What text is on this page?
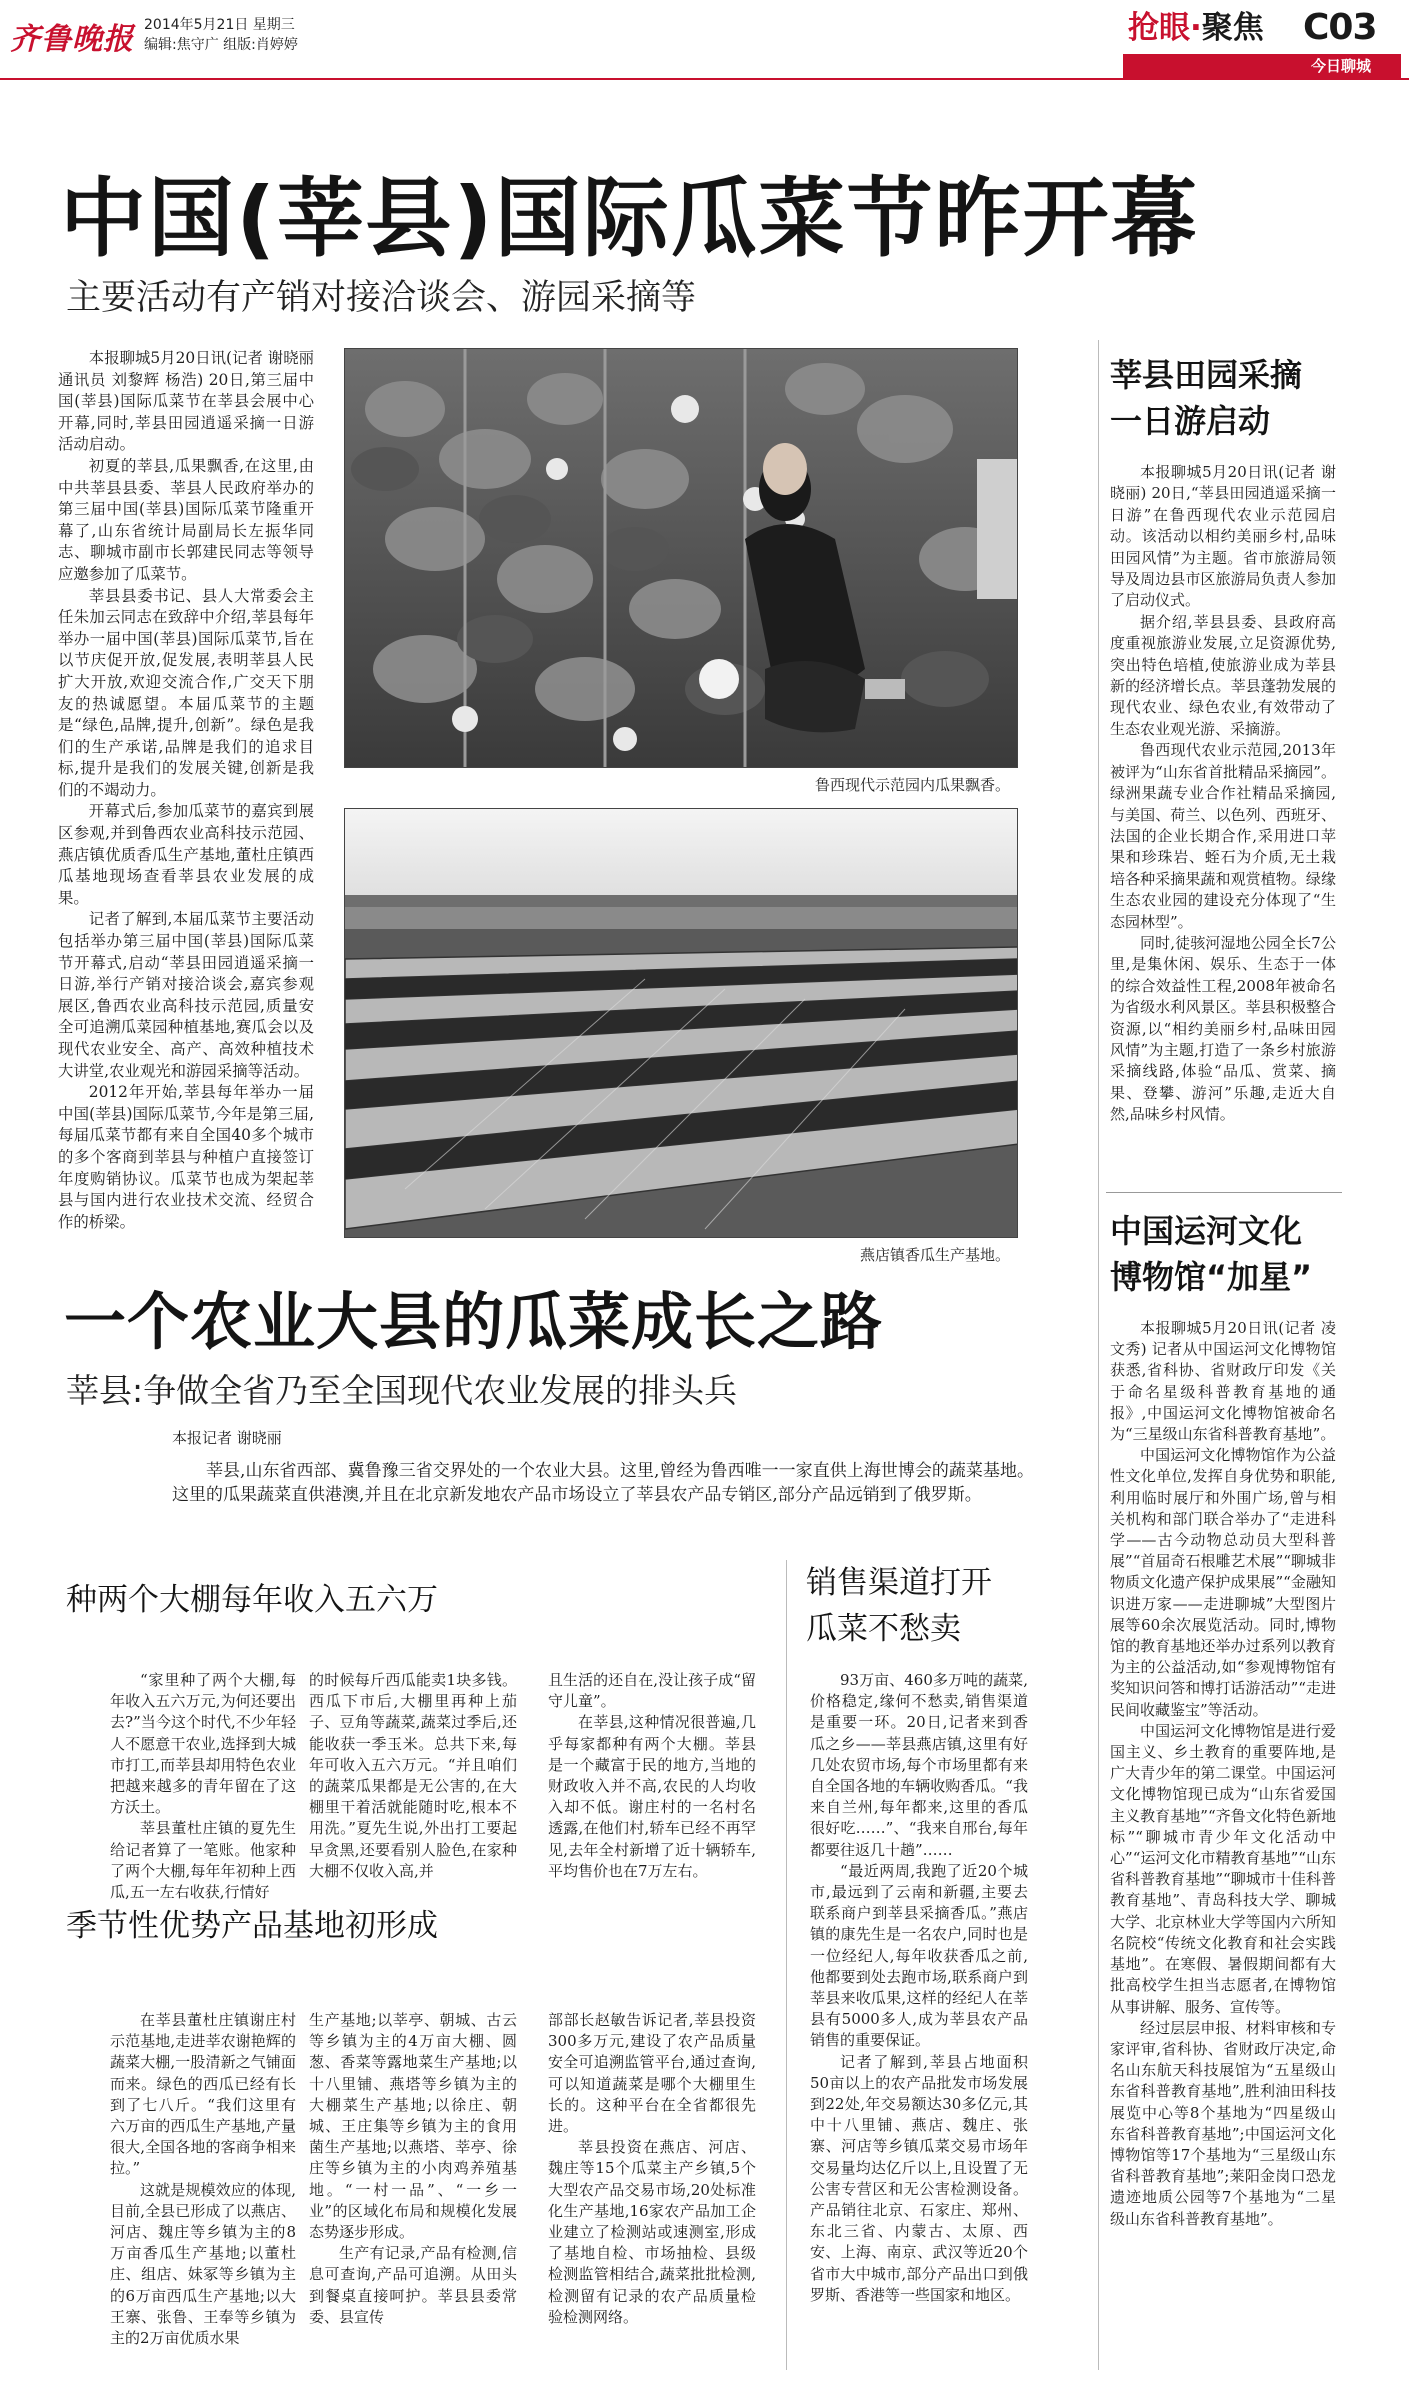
齐鲁晚报 2014年5月21日 星期三
编辑:焦守广 组版:肖婷婷	抢眼·聚焦 C03
今日聊城
中国(莘县)国际瓜菜节昨开幕
主要活动有产销对接洽谈会、游园采摘等

本报聊城5月20日讯(记者 谢晓丽 通讯员 刘黎辉 杨浩) 20日,第三届中国(莘县)国际瓜菜节在莘县会展中心开幕,同时,莘县田园逍遥采摘一日游活动启动。

初夏的莘县,瓜果飘香,在这里,由中共莘县县委、莘县人民政府举办的第三届中国(莘县)国际瓜菜节隆重开幕了,山东省统计局副局长左振华同志、聊城市副市长郭建民同志等领导应邀参加了瓜菜节。

莘县县委书记、县人大常委会主任朱加云同志在致辞中介绍,莘县每年举办一届中国(莘县)国际瓜菜节,旨在以节庆促开放,促发展,表明莘县人民扩大开放,欢迎交流合作,广交天下朋友的热诚愿望。本届瓜菜节的主题是“绿色,品牌,提升,创新”。绿色是我们的生产承诺,品牌是我们的追求目标,提升是我们的发展关键,创新是我们的不竭动力。

开幕式后,参加瓜菜节的嘉宾到展区参观,并到鲁西农业高科技示范园、燕店镇优质香瓜生产基地,董杜庄镇西瓜基地现场查看莘县农业发展的成果。

记者了解到,本届瓜菜节主要活动包括举办第三届中国(莘县)国际瓜菜节开幕式,启动“莘县田园逍遥采摘一日游,举行产销对接洽谈会,嘉宾参观展区,鲁西农业高科技示范园,质量安全可追溯瓜菜园种植基地,赛瓜会以及现代农业安全、高产、高效种植技术大讲堂,农业观光和游园采摘等活动。

2012年开始,莘县每年举办一届中国(莘县)国际瓜菜节,今年是第三届,每届瓜菜节都有来自全国40多个城市的多个客商到莘县与种植户直接签订年度购销协议。瓜菜节也成为架起莘县与国内进行农业技术交流、经贸合作的桥梁。

鲁西现代示范园内瓜果飘香。
燕店镇香瓜生产基地。
一个农业大县的瓜菜成长之路
莘县:争做全省乃至全国现代农业发展的排头兵
本报记者 谢晓丽

莘县,山东省西部、冀鲁豫三省交界处的一个农业大县。这里,曾经为鲁西唯一一家直供上海世博会的蔬菜基地。这里的瓜果蔬菜直供港澳,并且在北京新发地农产品市场设立了莘县农产品专销区,部分产品远销到了俄罗斯。

种两个大棚每年收入五六万

“家里种了两个大棚,每年收入五六万元,为何还要出去?”当今这个时代,不少年轻人不愿意干农业,选择到大城市打工,而莘县却用特色农业把越来越多的青年留在了这方沃土。

莘县董杜庄镇的夏先生给记者算了一笔账。他家种了两个大棚,每年年初种上西瓜,五一左右收获,行情好

的时候每斤西瓜能卖1块多钱。西瓜下市后,大棚里再种上茄子、豆角等蔬菜,蔬菜过季后,还能收获一季玉米。总共下来,每年可收入五六万元。“并且咱们的蔬菜瓜果都是无公害的,在大棚里干着活就能随时吃,根本不用洗。”夏先生说,外出打工要起早贪黑,还要看别人脸色,在家种大棚不仅收入高,并

且生活的还自在,没让孩子成“留守儿童”。

在莘县,这种情况很普遍,几乎每家都种有两个大棚。莘县是一个藏富于民的地方,当地的财政收入并不高,农民的人均收入却不低。谢庄村的一名村名透露,在他们村,轿车已经不再罕见,去年全村新增了近十辆轿车,平均售价也在7万左右。

季节性优势产品基地初形成

在莘县董杜庄镇谢庄村示范基地,走进莘农谢艳辉的蔬菜大棚,一股清新之气铺面而来。绿色的西瓜已经有长到了七八斤。“我们这里有六万亩的西瓜生产基地,产量很大,全国各地的客商争相来拉。”

这就是规模效应的体现,目前,全县已形成了以燕店、河店、魏庄等乡镇为主的8万亩香瓜生产基地;以董杜庄、组店、妹冢等乡镇为主的6万亩西瓜生产基地;以大王寨、张鲁、王奉等乡镇为主的2万亩优质水果

生产基地;以莘亭、朝城、古云等乡镇为主的4万亩大棚、圆葱、香菜等露地菜生产基地;以十八里铺、燕塔等乡镇为主的大棚菜生产基地;以徐庄、朝城、王庄集等乡镇为主的食用菌生产基地;以燕塔、莘亭、徐庄等乡镇为主的小肉鸡养殖基地。“一村一品”、“一乡一业”的区域化布局和规模化发展态势逐步形成。

生产有记录,产品有检测,信息可查询,产品可追溯。从田头到餐桌直接呵护。莘县县委常委、县宣传

部部长赵敏告诉记者,莘县投资300多万元,建设了农产品质量安全可追溯监管平台,通过查询,可以知道蔬菜是哪个大棚里生长的。这种平台在全省都很先进。

莘县投资在燕店、河店、魏庄等15个瓜菜主产乡镇,5个大型农产品交易市场,20处标准化生产基地,16家农产品加工企业建立了检测站或速测室,形成了基地自检、市场抽检、县级检测监管相结合,蔬菜批批检测,检测留有记录的农产品质量检验检测网络。

销售渠道打开
瓜菜不愁卖

93万亩、460多万吨的蔬菜,价格稳定,缘何不愁卖,销售渠道是重要一环。20日,记者来到香瓜之乡——莘县燕店镇,这里有好几处农贸市场,每个市场里都有来自全国各地的车辆收购香瓜。“我来自兰州,每年都来,这里的香瓜很好吃……”、“我来自邢台,每年都要往返几十趟”……

“最近两周,我跑了近20个城市,最远到了云南和新疆,主要去联系商户到莘县采摘香瓜。”燕店镇的康先生是一名农户,同时也是一位经纪人,每年收获香瓜之前,他都要到处去跑市场,联系商户到莘县来收瓜果,这样的经纪人在莘县有5000多人,成为莘县农产品销售的重要保证。

记者了解到,莘县占地面积50亩以上的农产品批发市场发展到22处,年交易额达30多亿元,其中十八里铺、燕店、魏庄、张寨、河店等乡镇瓜菜交易市场年交易量均达亿斤以上,且设置了无公害专营区和无公害检测设备。产品销往北京、石家庄、郑州、东北三省、内蒙古、太原、西安、上海、南京、武汉等近20个省市大中城市,部分产品出口到俄罗斯、香港等一些国家和地区。

莘县田园采摘
一日游启动

本报聊城5月20日讯(记者 谢晓丽) 20日,“莘县田园逍遥采摘一日游”在鲁西现代农业示范园启动。该活动以相约美丽乡村,品味田园风情”为主题。省市旅游局领导及周边县市区旅游局负责人参加了启动仪式。

据介绍,莘县县委、县政府高度重视旅游业发展,立足资源优势,突出特色培植,使旅游业成为莘县新的经济增长点。莘县蓬勃发展的现代农业、绿色农业,有效带动了生态农业观光游、采摘游。

鲁西现代农业示范园,2013年被评为“山东省首批精品采摘园”。绿洲果蔬专业合作社精品采摘园,与美国、荷兰、以色列、西班牙、法国的企业长期合作,采用进口苹果和珍珠岩、蛭石为介质,无土栽培各种采摘果蔬和观赏植物。绿缘生态农业园的建设充分体现了“生态园林型”。

同时,徒骇河湿地公园全长7公里,是集休闲、娱乐、生态于一体的综合效益性工程,2008年被命名为省级水利风景区。莘县积极整合资源,以“相约美丽乡村,品味田园风情”为主题,打造了一条乡村旅游采摘线路,体验“品瓜、赏菜、摘果、登攀、游河”乐趣,走近大自然,品味乡村风情。

中国运河文化
博物馆“加星”

本报聊城5月20日讯(记者 凌文秀) 记者从中国运河文化博物馆获悉,省科协、省财政厅印发《关于命名星级科普教育基地的通报》,中国运河文化博物馆被命名为“三星级山东省科普教育基地”。

中国运河文化博物馆作为公益性文化单位,发挥自身优势和职能,利用临时展厅和外围广场,曾与相关机构和部门联合举办了“走进科学——古今动物总动员大型科普展”“首届奇石根雕艺术展”“聊城非物质文化遗产保护成果展”“金融知识进万家——走进聊城”大型图片展等60余次展览活动。同时,博物馆的教育基地还举办过系列以教育为主的公益活动,如“参观博物馆有奖知识问答和博打话游活动”“走进民间收藏鉴宝”等活动。

中国运河文化博物馆是进行爱国主义、乡土教育的重要阵地,是广大青少年的第二课堂。中国运河文化博物馆现已成为“山东省爱国主义教育基地”“齐鲁文化特色新地标”“聊城市青少年文化活动中心”“运河文化市精教育基地”“山东省科普教育基地”“聊城市十佳科普教育基地”、青岛科技大学、聊城大学、北京林业大学等国内六所知名院校“传统文化教育和社会实践基地”。在寒假、暑假期间都有大批高校学生担当志愿者,在博物馆从事讲解、服务、宣传等。

经过层层申报、材料审核和专家评审,省科协、省财政厅决定,命名山东航天科技展馆为“五星级山东省科普教育基地”,胜利油田科技展览中心等8个基地为“四星级山东省科普教育基地”;中国运河文化博物馆等17个基地为“三星级山东省科普教育基地”;莱阳金岗口恐龙遗迹地质公园等7个基地为“二星级山东省科普教育基地”。
